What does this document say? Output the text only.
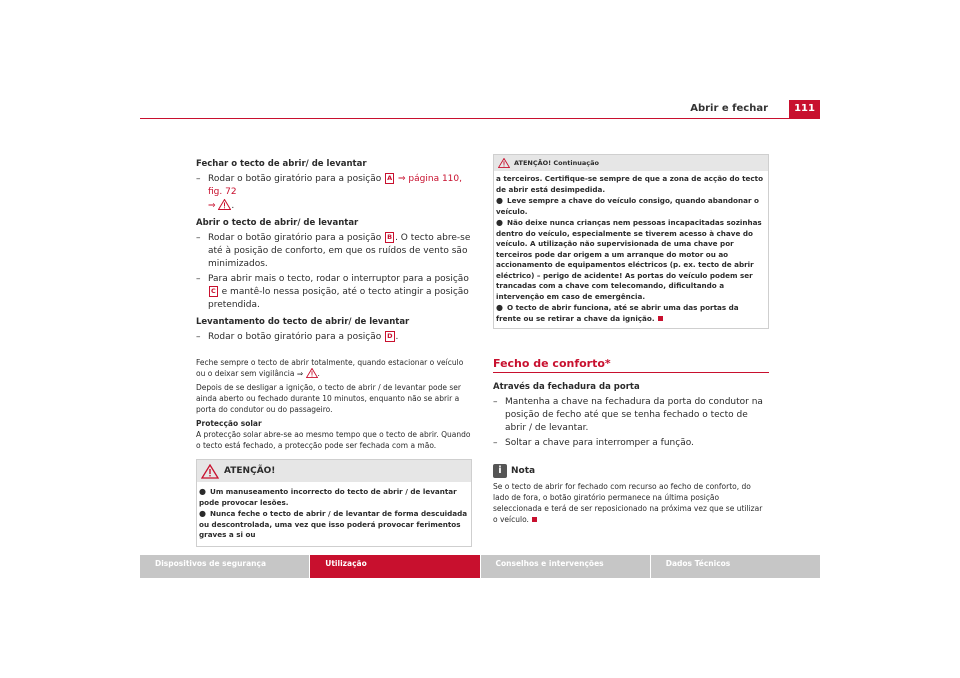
Abrir e fechar	111
Fechar o tecto de abrir/ de levantar
– Rodar o botão giratório para a posição A ⇒ página 110, fig. 72
⇒ .
Abrir o tecto de abrir/ de levantar
– Rodar o botão giratório para a posição B . O tecto abre-se até à posição de conforto, em que os ruídos de vento são minimizados.
– Para abrir mais o tecto, rodar o interruptor para a posição C e mantê-lo nessa posição, até o tecto atingir a posição pretendida.
Levantamento do tecto de abrir/ de levantar
– Rodar o botão giratório para a posição D .
Feche sempre o tecto de abrir totalmente, quando estacionar o veículo ou o deixar sem vigilância ⇒ .
Depois de se desligar a ignição, o tecto de abrir / de levantar pode ser ainda aberto ou fechado durante 10 minutos, enquanto não se abrir a porta do condutor ou do passageiro.
Protecção solar
A protecção solar abre-se ao mesmo tempo que o tecto de abrir. Quando o tecto está fechado, a protecção pode ser fechada com a mão.
ATENÇÃO!
● Um manuseamento incorrecto do tecto de abrir / de levantar pode provocar lesões.
● Nunca feche o tecto de abrir / de levantar de forma descuidada ou descontrolada, uma vez que isso poderá provocar ferimentos graves a si ou
ATENÇÃO! Continuação
a terceiros. Certifique-se sempre de que a zona de acção do tecto de abrir está desimpedida.
● Leve sempre a chave do veículo consigo, quando abandonar o veículo.
● Não deixe nunca crianças nem pessoas incapacitadas sozinhas dentro do veículo, especialmente se tiverem acesso à chave do veículo. A utilização não supervisionada de uma chave por terceiros pode dar origem a um arranque do motor ou ao accionamento de equipamentos eléctricos (p. ex. tecto de abrir eléctrico) – perigo de acidente! As portas do veículo podem ser trancadas com a chave com telecomando, dificultando a intervenção em caso de emergência.
● O tecto de abrir funciona, até se abrir uma das portas da frente ou se retirar a chave da ignição.
Fecho de conforto*
Através da fechadura da porta
– Mantenha a chave na fechadura da porta do condutor na posição de fecho até que se tenha fechado o tecto de abrir / de levantar.
– Soltar a chave para interromper a função.
i	Nota
Se o tecto de abrir for fechado com recurso ao fecho de conforto, do lado de fora, o botão giratório permanece na última posição seleccionada e terá de ser reposicionado na próxima vez que se utilizar o veículo.
Dispositivos de segurança	Utilização	Conselhos e intervenções	Dados Técnicos
